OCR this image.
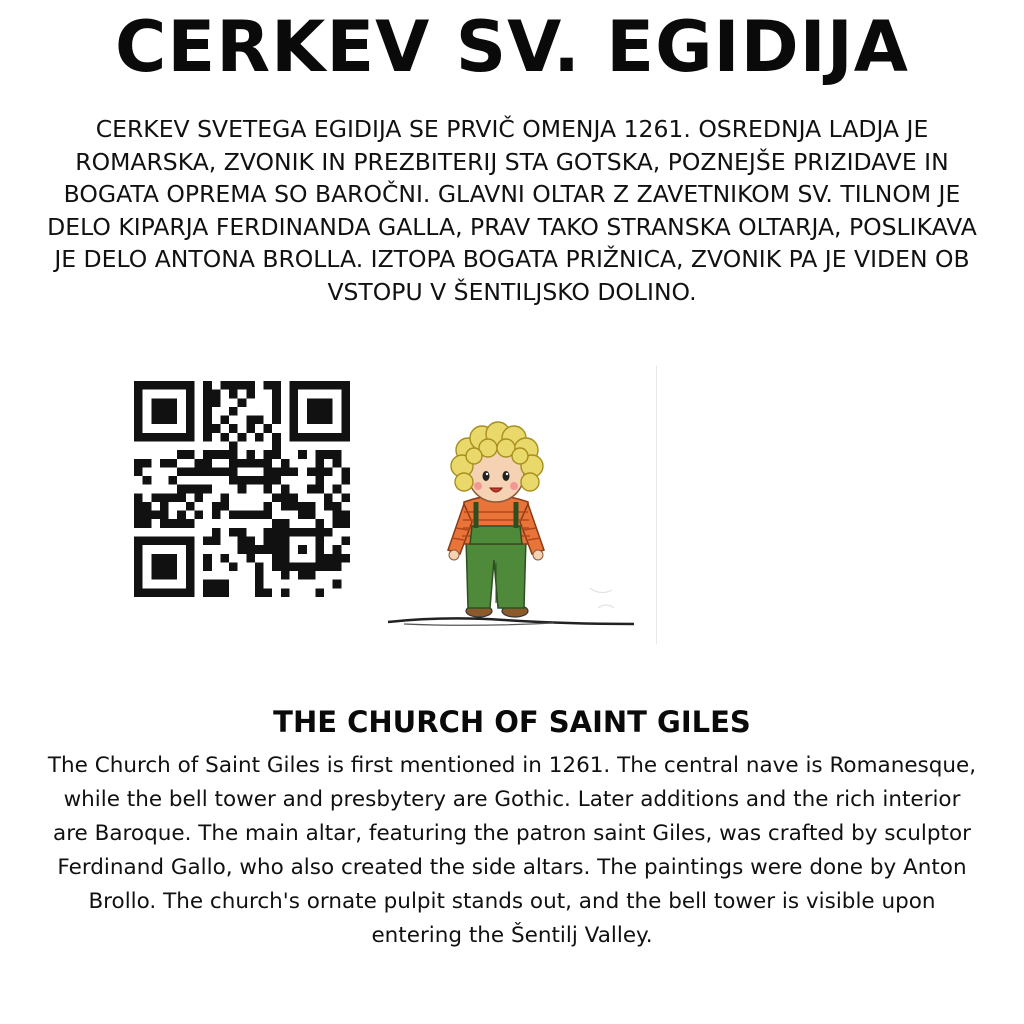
CERKEV SV. EGIDIJA
CERKEV SVETEGA EGIDIJA SE PRVIČ OMENJA 1261. OSREDNJA LADJA JE
ROMARSKA, ZVONIK IN PREZBITERIJ STA GOTSKA, POZNEJŠE PRIZIDAVE IN
BOGATA OPREMA SO BAROČNI. GLAVNI OLTAR Z ZAVETNIKOM SV. TILNOM JE
DELO KIPARJA FERDINANDA GALLA, PRAV TAKO STRANSKA OLTARJA, POSLIKAVA
JE DELO ANTONA BROLLA. IZTOPA BOGATA PRIŽNICA, ZVONIK PA JE VIDEN OB
VSTOPU V ŠENTILJSKO DOLINO.
THE CHURCH OF SAINT GILES
The Church of Saint Giles is first mentioned in 1261. The central nave is Romanesque,
while the bell tower and presbytery are Gothic. Later additions and the rich interior
are Baroque. The main altar, featuring the patron saint Giles, was crafted by sculptor
Ferdinand Gallo, who also created the side altars. The paintings were done by Anton
Brollo. The church's ornate pulpit stands out, and the bell tower is visible upon
entering the Šentilj Valley.
